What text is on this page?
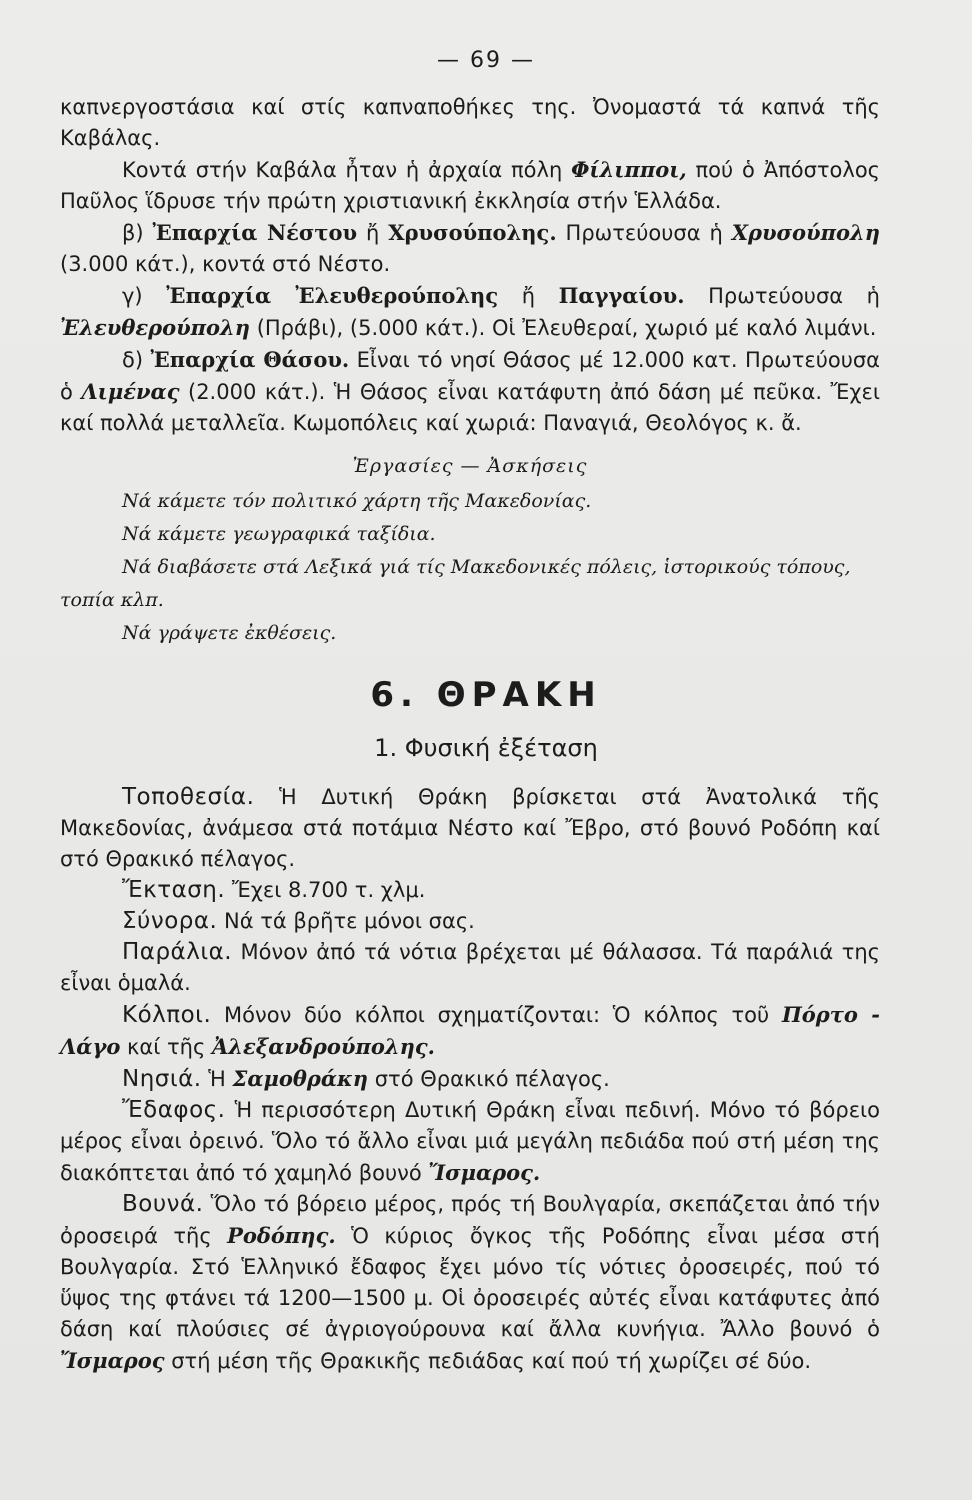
— 69 —

καπνεργοστάσια καί στίς καπναποθήκες της. Ὀνομαστά τά καπνά τῆς Καβάλας.

Κοντά στήν Καβάλα ἦταν ἡ ἀρχαία πόλη Φίλιπποι, πού ὁ Ἀπόστολος Παῦλος ἵδρυσε τήν πρώτη χριστιανική ἐκκλησία στήν Ἑλλάδα.

β) Ἐπαρχία Νέστου ἤ Χρυσούπολης. Πρωτεύουσα ἡ Χρυσούπολη (3.000 κάτ.), κοντά στό Νέστο.

γ) Ἐπαρχία Ἐλευθερούπολης ἤ Παγγαίου. Πρωτεύουσα ἡ Ἐλευθερούπολη (Πράβι), (5.000 κάτ.). Οἱ Ἐλευθεραί, χωριό μέ καλό λιμάνι.

δ) Ἐπαρχία Θάσου. Εἶναι τό νησί Θάσος μέ 12.000 κατ. Πρωτεύουσα ὁ Λιμένας (2.000 κάτ.). Ἡ Θάσος εἶναι κατάφυτη ἀπό δάση μέ πεῦκα. Ἔχει καί πολλά μεταλλεῖα. Κωμοπόλεις καί χωριά: Παναγιά, Θεολόγος κ. ἄ.

Ἐργασίες — Ἀσκήσεις

Νά κάμετε τόν πολιτικό χάρτη τῆς Μακεδονίας.

Νά κάμετε γεωγραφικά ταξίδια.

Νά διαβάσετε στά Λεξικά γιά τίς Μακεδονικές πόλεις, ἱστορικούς τόπους, τοπία κλπ.

Νά γράψετε ἐκθέσεις.

6. ΘΡΑΚΗ
1. Φυσική ἐξέταση

Τοποθεσία. Ἡ Δυτική Θράκη βρίσκεται στά Ἀνατολικά τῆς Μακεδονίας, ἀνάμεσα στά ποτάμια Νέστο καί Ἔβρο, στό βουνό Ροδόπη καί στό Θρακικό πέλαγος.

Ἔκταση. Ἔχει 8.700 τ. χλμ.

Σύνορα. Νά τά βρῆτε μόνοι σας.

Παράλια. Μόνον ἀπό τά νότια βρέχεται μέ θάλασσα. Τά παράλιά της εἶναι ὁμαλά.

Κόλποι. Μόνον δύο κόλποι σχηματίζονται: Ὁ κόλπος τοῦ Πόρτο - Λάγο καί τῆς Ἀλεξανδρούπολης.

Νησιά. Ἡ Σαμοθράκη στό Θρακικό πέλαγος.

Ἔδαφος. Ἡ περισσότερη Δυτική Θράκη εἶναι πεδινή. Μόνο τό βόρειο μέρος εἶναι ὀρεινό. Ὅλο τό ἄλλο εἶναι μιά μεγάλη πεδιάδα πού στή μέση της διακόπτεται ἀπό τό χαμηλό βουνό Ἴσμαρος.

Βουνά. Ὅλο τό βόρειο μέρος, πρός τή Βουλγαρία, σκεπάζεται ἀπό τήν ὀροσειρά τῆς Ροδόπης. Ὁ κύριος ὄγκος τῆς Ροδόπης εἶναι μέσα στή Βουλγαρία. Στό Ἑλληνικό ἔδαφος ἔχει μόνο τίς νότιες ὀροσειρές, πού τό ὕψος της φτάνει τά 1200—1500 μ. Οἱ ὀροσειρές αὐτές εἶναι κατάφυτες ἀπό δάση καί πλούσιες σέ ἀγριογούρουνα καί ἄλλα κυνήγια. Ἄλλο βουνό ὁ Ἴσμαρος στή μέση τῆς Θρακικῆς πεδιάδας καί πού τή χωρίζει σέ δύο.
